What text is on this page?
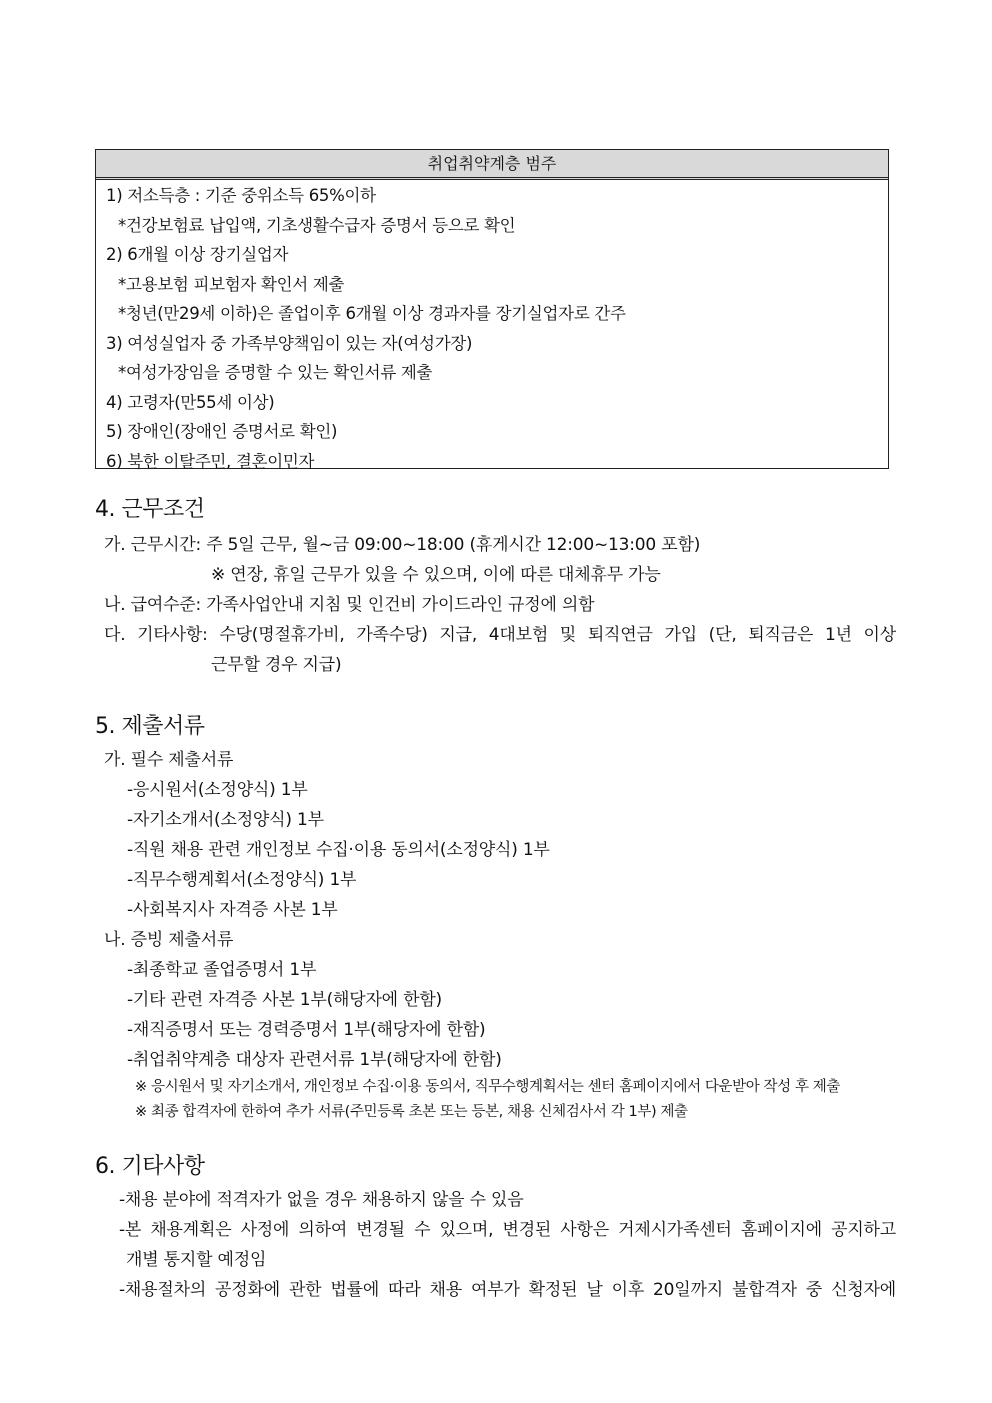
취업취약계층 범주
1) 저소득층 : 기준 중위소득 65%이하
*건강보험료 납입액, 기초생활수급자 증명서 등으로 확인
2) 6개월 이상 장기실업자
*고용보험 피보험자 확인서 제출
*청년(만29세 이하)은 졸업이후 6개월 이상 경과자를 장기실업자로 간주
3) 여성실업자 중 가족부양책임이 있는 자(여성가장)
*여성가장임을 증명할 수 있는 확인서류 제출
4) 고령자(만55세 이상)
5) 장애인(장애인 증명서로 확인)
6) 북한 이탈주민, 결혼이민자
4. 근무조건
가. 근무시간: 주 5일 근무, 월~금 09:00~18:00 (휴게시간 12:00~13:00 포함)
※ 연장, 휴일 근무가 있을 수 있으며, 이에 따른 대체휴무 가능
나. 급여수준: 가족사업안내 지침 및 인건비 가이드라인 규정에 의함
다. 기타사항: 수당(명절휴가비, 가족수당) 지급, 4대보험 및 퇴직연금 가입 (단, 퇴직금은 1년 이상
근무할 경우 지급)
5. 제출서류
가. 필수 제출서류
-응시원서(소정양식) 1부
-자기소개서(소정양식) 1부
-직원 채용 관련 개인정보 수집·이용 동의서(소정양식) 1부
-직무수행계획서(소정양식) 1부
-사회복지사 자격증 사본 1부
나. 증빙 제출서류
-최종학교 졸업증명서 1부
-기타 관련 자격증 사본 1부(해당자에 한함)
-재직증명서 또는 경력증명서 1부(해당자에 한함)
-취업취약계층 대상자 관련서류 1부(해당자에 한함)
※ 응시원서 및 자기소개서, 개인정보 수집·이용 동의서, 직무수행계획서는 센터 홈페이지에서 다운받아 작성 후 제출
※ 최종 합격자에 한하여 추가 서류(주민등록 초본 또는 등본, 채용 신체검사서 각 1부) 제출
6. 기타사항
-채용 분야에 적격자가 없을 경우 채용하지 않을 수 있음
-본 채용계획은 사정에 의하여 변경될 수 있으며, 변경된 사항은 거제시가족센터 홈페이지에 공지하고
개별 통지할 예정임
-채용절차의 공정화에 관한 법률에 따라 채용 여부가 확정된 날 이후 20일까지 불합격자 중 신청자에
